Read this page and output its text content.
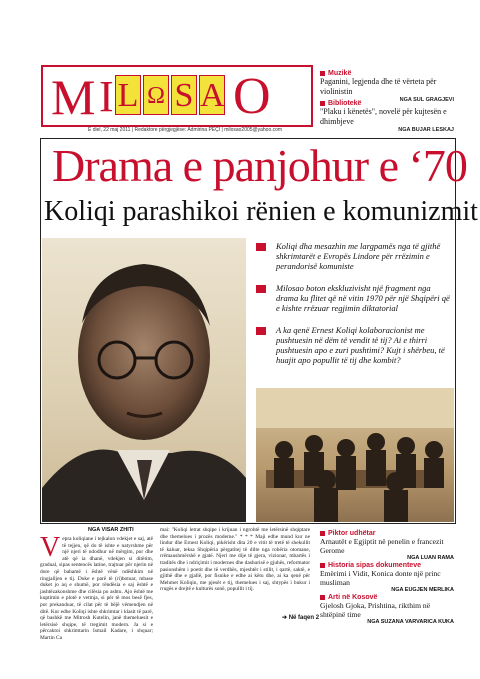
M I L Ω S A O
E diel, 22 maj 2011 | Redaktore përgjegjëse: Admirina PEÇI | milosao2005@yahoo.com
Muzikë
Paganini, legjenda dhe të vërteta për violinistin
NGA SUL GRAGJEVI
Bibliotekë
"Plaku i kënetës", novelë për kujtesën e dhimbjeve
NGA BUJAR LESKAJ
Drama e panjohur e ‘70
Koliqi parashikoi rënien e komunizmit
Koliqi dha mesazhin me largpamës nga të gjithë shkrimtarët e Evropës Lindore për rrëzimin e perandorisë komuniste
Milosao boton ekskluzivisht një fragment nga drama ku flitet që në vitin 1970 për një Shqipëri që e kishte rrëzuar regjimin diktatorial
A ka qenë Ernest Koliqi kolaboracionist me pushtuesin në dëm të vendit të tij? Ai e thirri pushtuesin apo e zuri pushtimi? Kujt i shërbeu, të huajit apo popullit të tij dhe kombit?
NGA VISAR ZHITI
Vepra koliqiane i tejkalon vdekjet e saj, atë të tejjen, që do të ishte e natyrshme për një njeri të ndodhur në mërgim, por dhe atë që ia dhanë, vdekjen si ditëtim, gradual, sipas sentencës latine, trajtuar për njerin në dore që babamë i është vënë ndëshkim në ringjalljen e tij. Duke e parë të (ri)botuar, mbase duket jo aq e shumë, por rëndësia e saj është e jashtëzakonshme dhe cilësia po ashtu. Ajo është me kuptimin e plotë e vetmja, si për të mos besë fjes, por prekanduar, të cilat për të bëjë vëmendjen në ditë. Kur edhe Koliqi ishte shkrimtar i klasit të parë, që bashkë me Mitrosh Kutelin, janë themeluesit e letërsisë shqipe, të tregimit modern. Ja si e përcaktoi shkrimtarin Ismail Kadare, i shquar; Martin Ca
mai: "Koliqi letrat shqipe i krijuan i ngrohtë me letërsinë shqiptare dhe themelues i prozës moderne." * * * Maji edhe mund kur ne lindur dhe Ernest Koliqi, pikërisht dita 20 e vitit të tretë të shekullit të kaluar, teksa Shqipëria përgatitej të dilte nga robëria otomane, rrëmaushmërshë e gjatë. Njeri me dije të gjera, vizionar, mbartës i traditës dhe i ndriçimit i modernes dhe dashurisë e gjuhës, reformator pasionshëm i poetit dhe të verdhës, mjeshtër i stilit, i qartë, saktë, e gjithë dhe e gjallë, por fisnike e edhe ai këtu dhe, ai ka qenë për Mehmet Koliqin, me pjesët e tij, themelues i saj, shtypës i bukur i rrugës e drejtë e kulturës sonë, popullit i tij.
➔ Në faqen 2
Piktor udhëtar
Arnautët e Egjiptit në penelin e francezit Gerome
NGA LUAN RAMA
Historia sipas dokumenteve
Emërimi i Vidit, Konica donte një princ musliman
NGA EUGJEN MERLIKA
Arti në Kosovë
Gjelosh Gjoka, Prishtina, rikthim në shtëpinë time
NGA SUZANA VARVARICA KUKA
